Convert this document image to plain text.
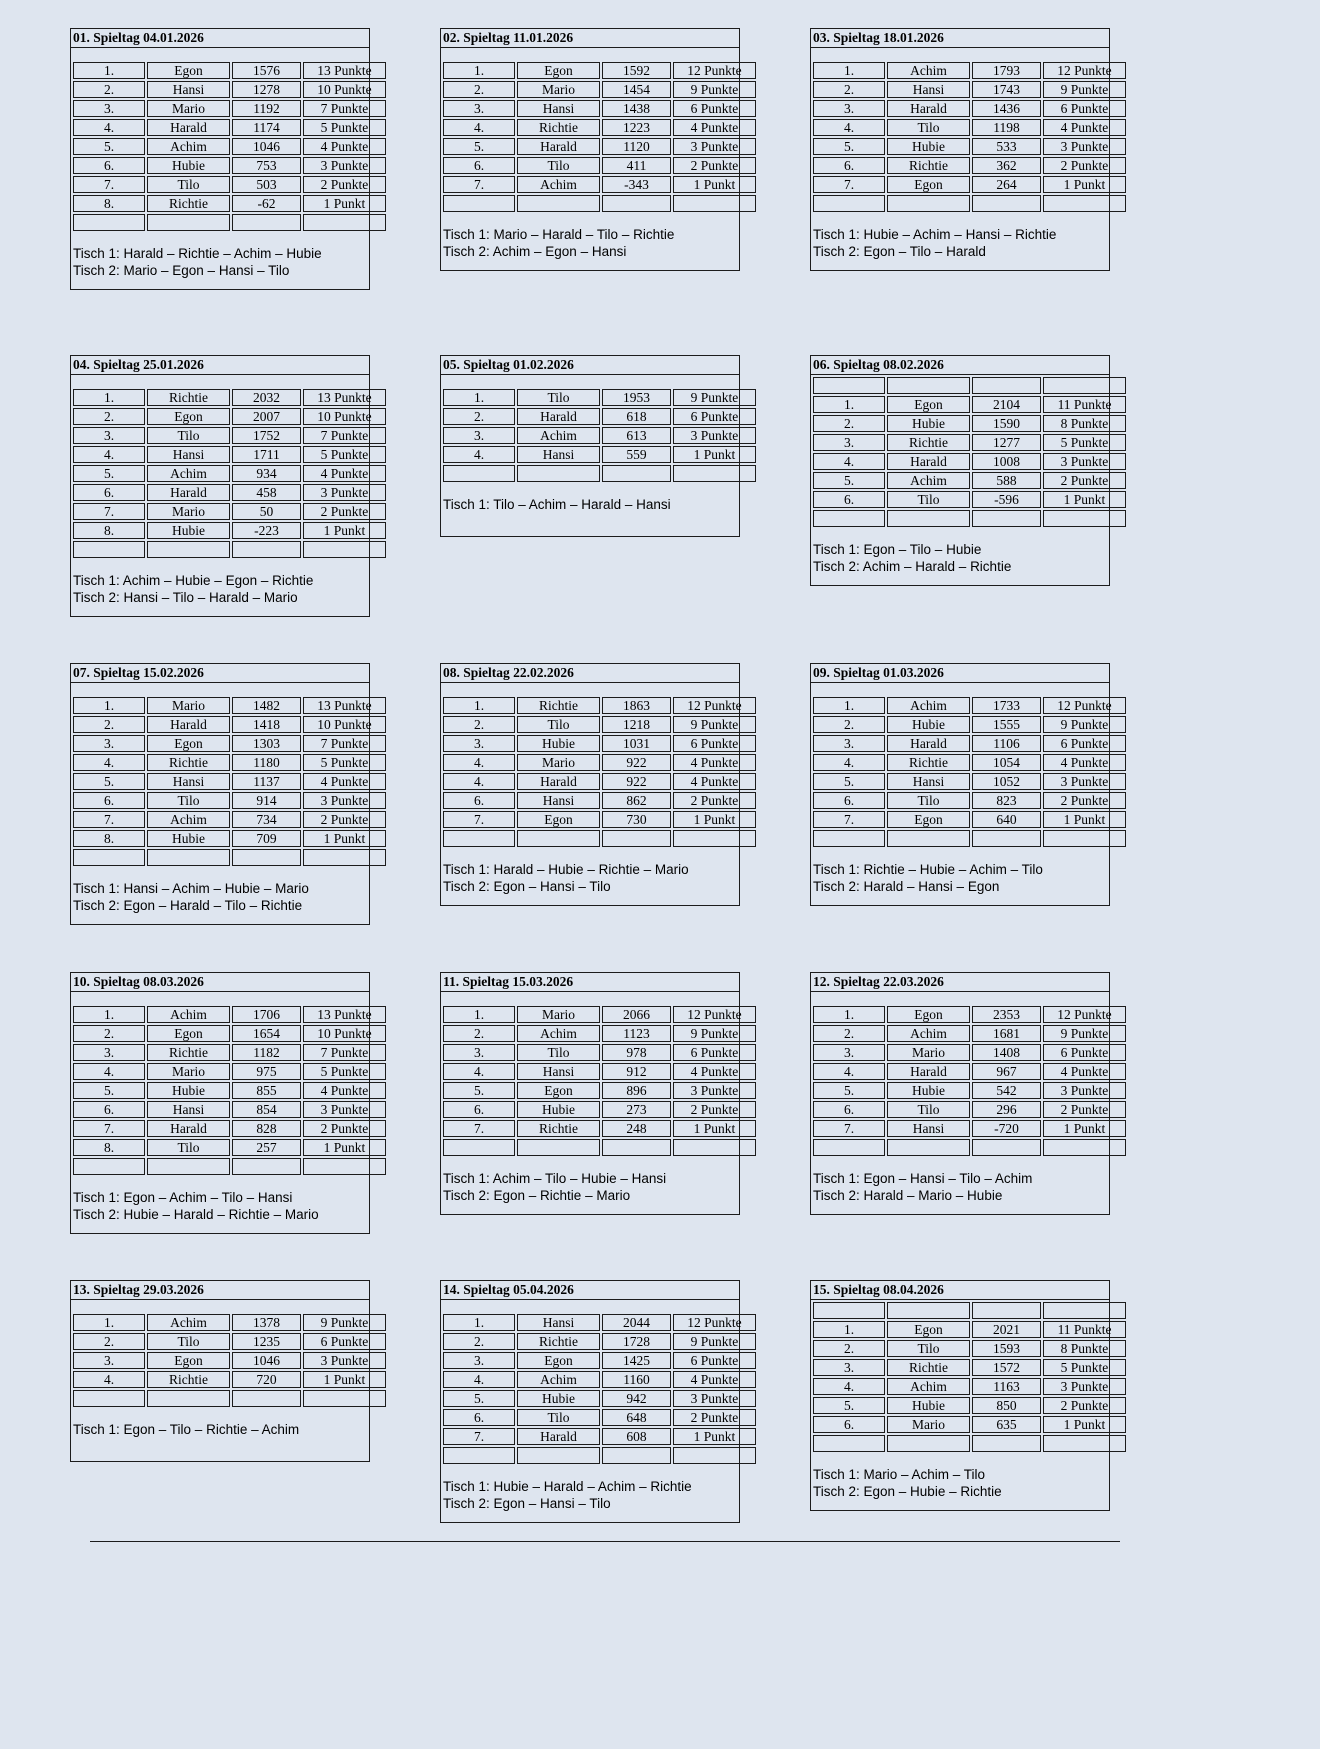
01. Spieltag 04.01.2026
1.	Egon	1576	13 Punkte
2.	Hansi	1278	10 Punkte
3.	Mario	1192	7 Punkte
4.	Harald	1174	5 Punkte
5.	Achim	1046	4 Punkte
6.	Hubie	753	3 Punkte
7.	Tilo	503	2 Punkte
8.	Richtie	-62	1 Punkt

Tisch 1: Harald – Richtie – Achim – Hubie
Tisch 2: Mario – Egon – Hansi – Tilo
02. Spieltag 11.01.2026
1.	Egon	1592	12 Punkte
2.	Mario	1454	9 Punkte
3.	Hansi	1438	6 Punkte
4.	Richtie	1223	4 Punkte
5.	Harald	1120	3 Punkte
6.	Tilo	411	2 Punkte
7.	Achim	-343	1 Punkt

Tisch 1: Mario – Harald – Tilo – Richtie
Tisch 2: Achim – Egon – Hansi
03. Spieltag 18.01.2026
1.	Achim	1793	12 Punkte
2.	Hansi	1743	9 Punkte
3.	Harald	1436	6 Punkte
4.	Tilo	1198	4 Punkte
5.	Hubie	533	3 Punkte
6.	Richtie	362	2 Punkte
7.	Egon	264	1 Punkt

Tisch 1: Hubie – Achim – Hansi – Richtie
Tisch 2: Egon – Tilo – Harald
04. Spieltag 25.01.2026
1.	Richtie	2032	13 Punkte
2.	Egon	2007	10 Punkte
3.	Tilo	1752	7 Punkte
4.	Hansi	1711	5 Punkte
5.	Achim	934	4 Punkte
6.	Harald	458	3 Punkte
7.	Mario	50	2 Punkte
8.	Hubie	-223	1 Punkt

Tisch 1: Achim – Hubie – Egon – Richtie
Tisch 2: Hansi – Tilo – Harald – Mario
05. Spieltag 01.02.2026
1.	Tilo	1953	9 Punkte
2.	Harald	618	6 Punkte
3.	Achim	613	3 Punkte
4.	Hansi	559	1 Punkt

Tisch 1: Tilo – Achim – Harald – Hansi
06. Spieltag 08.02.2026

1.	Egon	2104	11 Punkte
2.	Hubie	1590	8 Punkte
3.	Richtie	1277	5 Punkte
4.	Harald	1008	3 Punkte
5.	Achim	588	2 Punkte
6.	Tilo	-596	1 Punkt

Tisch 1: Egon – Tilo – Hubie
Tisch 2: Achim – Harald – Richtie
07. Spieltag 15.02.2026
1.	Mario	1482	13 Punkte
2.	Harald	1418	10 Punkte
3.	Egon	1303	7 Punkte
4.	Richtie	1180	5 Punkte
5.	Hansi	1137	4 Punkte
6.	Tilo	914	3 Punkte
7.	Achim	734	2 Punkte
8.	Hubie	709	1 Punkt

Tisch 1: Hansi – Achim – Hubie – Mario
Tisch 2: Egon – Harald – Tilo – Richtie
08. Spieltag 22.02.2026
1.	Richtie	1863	12 Punkte
2.	Tilo	1218	9 Punkte
3.	Hubie	1031	6 Punkte
4.	Mario	922	4 Punkte
4.	Harald	922	4 Punkte
6.	Hansi	862	2 Punkte
7.	Egon	730	1 Punkt

Tisch 1: Harald – Hubie – Richtie – Mario
Tisch 2: Egon – Hansi – Tilo
09. Spieltag 01.03.2026
1.	Achim	1733	12 Punkte
2.	Hubie	1555	9 Punkte
3.	Harald	1106	6 Punkte
4.	Richtie	1054	4 Punkte
5.	Hansi	1052	3 Punkte
6.	Tilo	823	2 Punkte
7.	Egon	640	1 Punkt

Tisch 1: Richtie – Hubie – Achim – Tilo
Tisch 2: Harald – Hansi – Egon
10. Spieltag 08.03.2026
1.	Achim	1706	13 Punkte
2.	Egon	1654	10 Punkte
3.	Richtie	1182	7 Punkte
4.	Mario	975	5 Punkte
5.	Hubie	855	4 Punkte
6.	Hansi	854	3 Punkte
7.	Harald	828	2 Punkte
8.	Tilo	257	1 Punkt

Tisch 1: Egon – Achim – Tilo – Hansi
Tisch 2: Hubie – Harald – Richtie – Mario
11. Spieltag 15.03.2026
1.	Mario	2066	12 Punkte
2.	Achim	1123	9 Punkte
3.	Tilo	978	6 Punkte
4.	Hansi	912	4 Punkte
5.	Egon	896	3 Punkte
6.	Hubie	273	2 Punkte
7.	Richtie	248	1 Punkt

Tisch 1: Achim – Tilo – Hubie – Hansi
Tisch 2: Egon – Richtie – Mario
12. Spieltag 22.03.2026
1.	Egon	2353	12 Punkte
2.	Achim	1681	9 Punkte
3.	Mario	1408	6 Punkte
4.	Harald	967	4 Punkte
5.	Hubie	542	3 Punkte
6.	Tilo	296	2 Punkte
7.	Hansi	-720	1 Punkt

Tisch 1: Egon – Hansi – Tilo – Achim
Tisch 2: Harald – Mario – Hubie
13. Spieltag 29.03.2026
1.	Achim	1378	9 Punkte
2.	Tilo	1235	6 Punkte
3.	Egon	1046	3 Punkte
4.	Richtie	720	1 Punkt

Tisch 1: Egon – Tilo – Richtie – Achim
14. Spieltag 05.04.2026
1.	Hansi	2044	12 Punkte
2.	Richtie	1728	9 Punkte
3.	Egon	1425	6 Punkte
4.	Achim	1160	4 Punkte
5.	Hubie	942	3 Punkte
6.	Tilo	648	2 Punkte
7.	Harald	608	1 Punkt

Tisch 1: Hubie – Harald – Achim – Richtie
Tisch 2: Egon – Hansi – Tilo
15. Spieltag 08.04.2026

1.	Egon	2021	11 Punkte
2.	Tilo	1593	8 Punkte
3.	Richtie	1572	5 Punkte
4.	Achim	1163	3 Punkte
5.	Hubie	850	2 Punkte
6.	Mario	635	1 Punkt

Tisch 1: Mario – Achim – Tilo
Tisch 2: Egon – Hubie – Richtie
